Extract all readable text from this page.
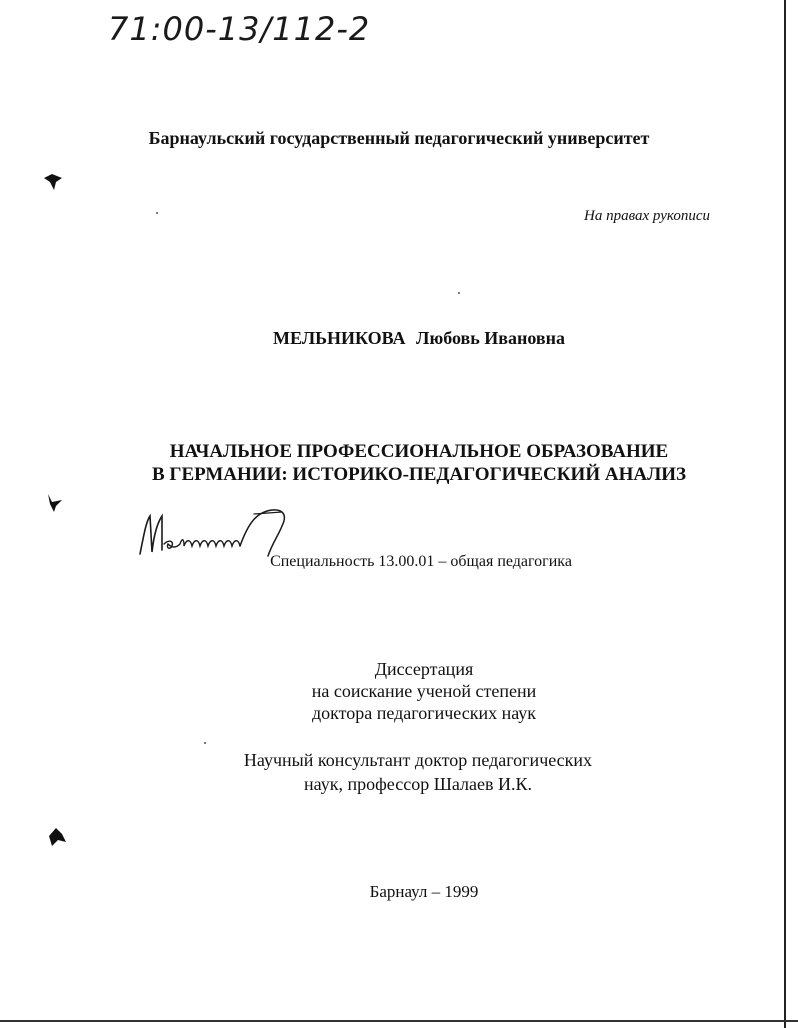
71:00-13/112-2
Барнаульский государственный педагогический университет
На правах рукописи
МЕЛЬНИКОВА Любовь Ивановна
НАЧАЛЬНОЕ ПРОФЕССИОНАЛЬНОЕ ОБРАЗОВАНИЕ
В ГЕРМАНИИ: ИСТОРИКО-ПЕДАГОГИЧЕСКИЙ АНАЛИЗ
Специальность 13.00.01 – общая педагогика
Диссертация
на соискание ученой степени
доктора педагогических наук
Научный консультант доктор педагогических
наук, профессор Шалаев И.К.
Барнаул – 1999
